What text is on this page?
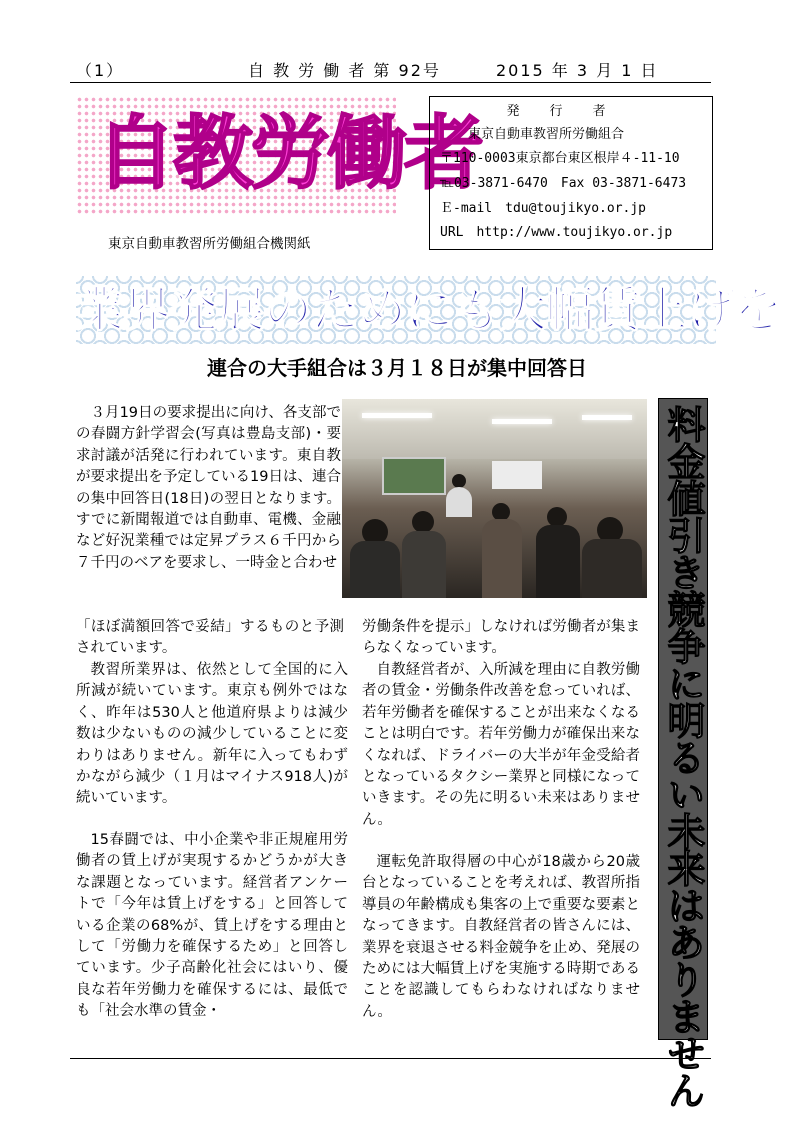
（1）	自 教 労 働 者 第 92号	2015 年 3 月 1 日
自教労働者
東京自動車教習所労働組合機関紙
発行者
東京自動車教習所労働組合
〒110-0003東京都台東区根岸４-11-10
℡03-3871-6470　Fax 03-3871-6473
Ｅ-mail　tdu@toujikyo.or.jp
URL　http://www.toujikyo.or.jp
業界発展のためにも大幅賃上げを
連合の大手組合は３月１８日が集中回答日
料金値引き競争に明るい未来はありません
３月19日の要求提出に向け、各支部での春闘方針学習会(写真は豊島支部)・要求討議が活発に行われています。東自教が要求提出を予定している19日は、連合の集中回答日(18日)の翌日となります。すでに新聞報道では自動車、電機、金融など好況業種では定昇プラス６千円から７千円のベアを要求し、一時金と合わせ
「ほぼ満額回答で妥結」するものと予測されています。
教習所業界は、依然として全国的に入所減が続いています。東京も例外ではなく、昨年は530人と他道府県よりは減少数は少ないものの減少していることに変わりはありません。新年に入ってもわずかながら減少（１月はマイナス918人)が続いています。
15春闘では、中小企業や非正規雇用労働者の賃上げが実現するかどうかが大きな課題となっています。経営者アンケートで「今年は賃上げをする」と回答している企業の68%が、賃上げをする理由として「労働力を確保するため」と回答しています。少子高齢化社会にはいり、優良な若年労働力を確保するには、最低でも「社会水準の賃金・
労働条件を提示」しなければ労働者が集まらなくなっています。
自教経営者が、入所減を理由に自教労働者の賃金・労働条件改善を怠っていれば、若年労働者を確保することが出来なくなることは明白です。若年労働力が確保出来なくなれば、ドライバーの大半が年金受給者となっているタクシー業界と同様になっていきます。その先に明るい未来はありません。
運転免許取得層の中心が18歳から20歳台となっていることを考えれば、教習所指導員の年齢構成も集客の上で重要な要素となってきます。自教経営者の皆さんには、業界を衰退させる料金競争を止め、発展のためには大幅賃上げを実施する時期であることを認識してもらわなければなりません。
